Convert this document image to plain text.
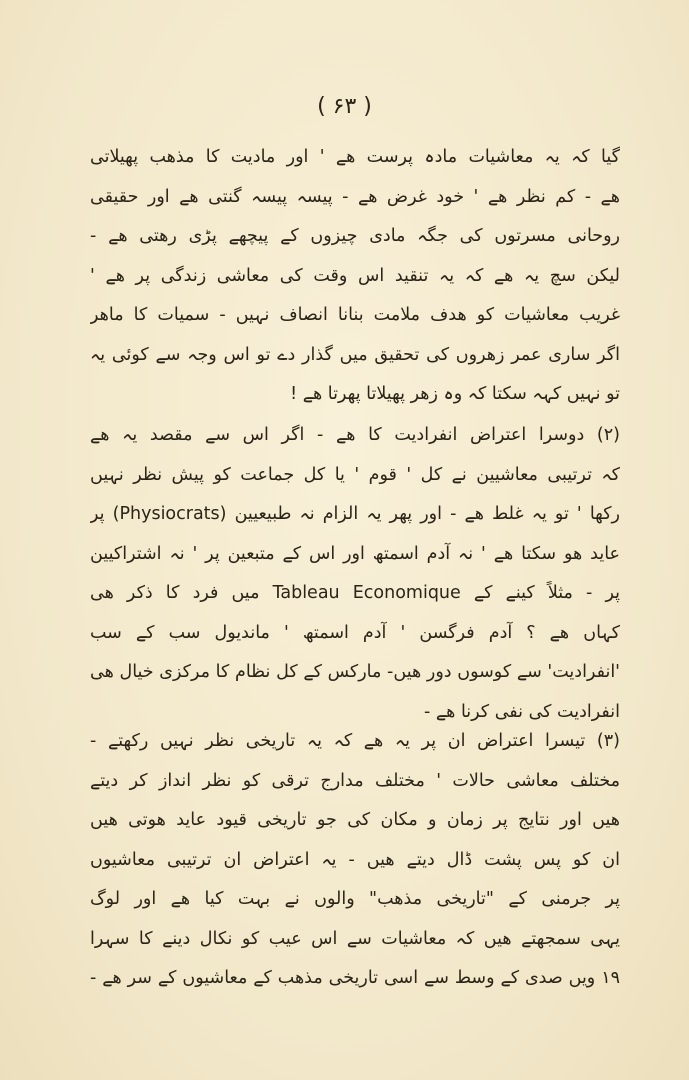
( ۶۳ )
گیا کہ یہ معاشیات مادہ پرست ھے ' اور مادیت کا مذھب پھیلاتی
ھے - کم نظر ھے ' خود غرض ھے - پیسہ پیسہ گنتی ھے اور حقیقی
روحانی مسرتوں کی جگہ مادی چیزوں کے پیچھے پڑی رھتی ھے -
لیکن سچ یہ ھے کہ یہ تنقید اس وقت کی معاشی زندگی پر ھے '
غریب معاشیات کو ھدف ملامت بنانا انصاف نہیں - سمیات کا ماھر
اگر ساری عمر زھروں کی تحقیق میں گذار دے تو اس وجہ سے کوئی یہ
تو نہیں کہہ سکتا کہ وہ زھر پھیلاتا پھرتا ھے !
(۲) دوسرا اعتراض انفرادیت کا ھے - اگر اس سے مقصد یہ ھے
کہ ترتیبی معاشیین نے کل ' قوم ' یا کل جماعت کو پیش نظر نہیں
رکھا ' تو یہ غلط ھے - اور پھر یہ الزام نہ طبیعیین (Physiocrats) پر
عاید ھو سکتا ھے ' نہ آدم اسمتھ اور اس کے متبعین پر ' نہ اشتراکیین
پر - مثلاً کینے کے Tableau Economique میں فرد کا ذکر ھی
کہاں ھے ؟ آدم فرگسن ' آدم اسمتھ ' ماندیول سب کے سب
'انفرادیت' سے کوسوں دور ھیں- مارکس کے کل نظام کا مرکزی خیال ھی
انفرادیت کی نفی کرنا ھے -
(۳) تیسرا اعتراض ان پر یہ ھے کہ یہ تاریخی نظر نہیں رکھتے -
مختلف معاشی حالات ' مختلف مدارج ترقی کو نظر انداز کر دیتے
ھیں اور نتایج پر زمان و مکان کی جو تاریخی قیود عاید ھوتی ھیں
ان کو پس پشت ڈال دیتے ھیں - یہ اعتراض ان ترتیبی معاشیوں
پر جرمنی کے "تاریخی مذھب" والوں نے بہت کیا ھے اور لوگ
یہی سمجھتے ھیں کہ معاشیات سے اس عیب کو نکال دینے کا سہرا
۱۹ ویں صدی کے وسط سے اسی تاریخی مذھب کے معاشیوں کے سر ھے -
